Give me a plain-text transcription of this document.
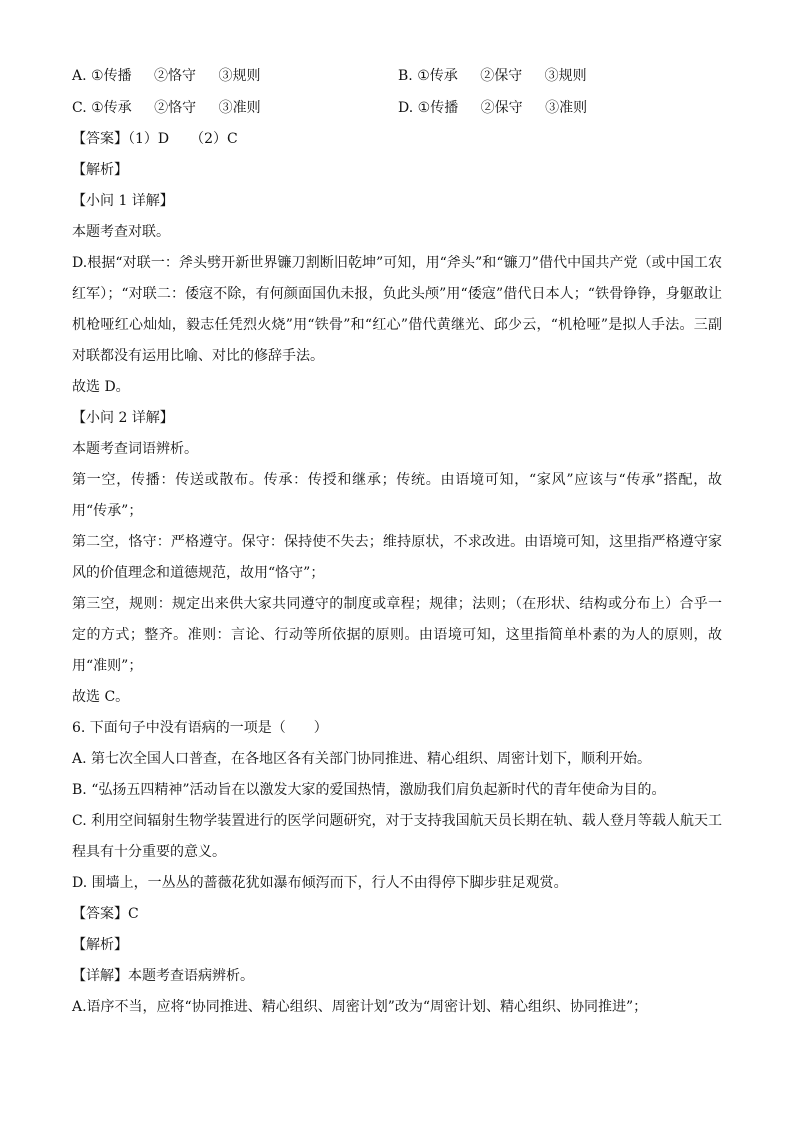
A. ①传播 ②恪守 ③规则	B. ①传承 ②保守 ③规则
C. ①传承 ②恪守 ③准则	D. ①传播 ②保守 ③准则
【答案】（1）D　　（2）C
【解析】
【小问 1 详解】
本题考查对联。
D.根据“对联一：斧头劈开新世界镰刀割断旧乾坤”可知，用“斧头”和“镰刀”借代中国共产党（或中国工农红军）；“对联二：倭寇不除，有何颜面国仇未报，负此头颅”用“倭寇”借代日本人；“铁骨铮铮，身躯敢让机枪哑红心灿灿，毅志任凭烈火烧”用“铁骨”和“红心”借代黄继光、邱少云，“机枪哑”是拟人手法。三副对联都没有运用比喻、对比的修辞手法。
故选 D。
【小问 2 详解】
本题考查词语辨析。
第一空，传播：传送或散布。传承：传授和继承；传统。由语境可知，“家风”应该与“传承”搭配，故用“传承”；
第二空，恪守：严格遵守。保守：保持使不失去；维持原状，不求改进。由语境可知，这里指严格遵守家风的价值理念和道德规范，故用“恪守”；
第三空，规则：规定出来供大家共同遵守的制度或章程；规律；法则；（在形状、结构或分布上）合乎一定的方式；整齐。准则：言论、行动等所依据的原则。由语境可知，这里指简单朴素的为人的原则，故用“准则”；
故选 C。
6. 下面句子中没有语病的一项是（　　）
A. 第七次全国人口普查，在各地区各有关部门协同推进、精心组织、周密计划下，顺利开始。
B. “弘扬五四精神”活动旨在以激发大家的爱国热情，激励我们肩负起新时代的青年使命为目的。
C. 利用空间辐射生物学装置进行的医学问题研究，对于支持我国航天员长期在轨、载人登月等载人航天工程具有十分重要的意义。
D. 围墙上，一丛丛的蔷薇花犹如瀑布倾泻而下，行人不由得停下脚步驻足观赏。
【答案】C
【解析】
【详解】本题考查语病辨析。
A.语序不当，应将“协同推进、精心组织、周密计划”改为“周密计划、精心组织、协同推进”；
